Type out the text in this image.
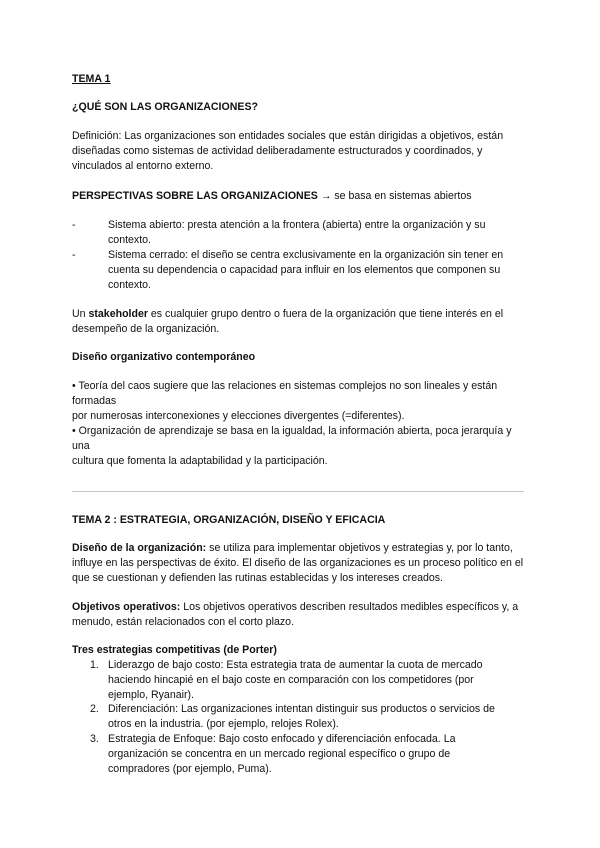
TEMA 1

¿QUÉ SON LAS ORGANIZACIONES?

Definición: Las organizaciones son entidades sociales que están dirigidas a objetivos, están diseñadas como sistemas de actividad deliberadamente estructurados y coordinados, y vinculados al entorno externo.

PERSPECTIVAS SOBRE LAS ORGANIZACIONES → se basa en sistemas abiertos

-	Sistema abierto: presta atención a la frontera (abierta) entre la organización y su contexto.
-	Sistema cerrado: el diseño se centra exclusivamente en la organización sin tener en cuenta su dependencia o capacidad para influir en los elementos que componen su contexto.

Un stakeholder es cualquier grupo dentro o fuera de la organización que tiene interés en el desempeño de la organización.

Diseño organizativo contemporáneo

• Teoría del caos sugiere que las relaciones en sistemas complejos no son lineales y están formadas

por numerosas interconexiones y elecciones divergentes (=diferentes).

• Organización de aprendizaje se basa en la igualdad, la información abierta, poca jerarquía y una

cultura que fomenta la adaptabilidad y la participación.

TEMA 2 : ESTRATEGIA, ORGANIZACIÓN, DISEÑO Y EFICACIA

Diseño de la organización: se utiliza para implementar objetivos y estrategias y, por lo tanto, influye en las perspectivas de éxito. El diseño de las organizaciones es un proceso político en el que se cuestionan y defienden las rutinas establecidas y los intereses creados.

Objetivos operativos: Los objetivos operativos describen resultados medibles específicos y, a menudo, están relacionados con el corto plazo.

Tres estrategias competitivas (de Porter)

1. Liderazgo de bajo costo: Esta estrategia trata de aumentar la cuota de mercado haciendo hincapié en el bajo coste en comparación con los competidores (por ejemplo, Ryanair).
2. Diferenciación: Las organizaciones intentan distinguir sus productos o servicios de otros en la industria. (por ejemplo, relojes Rolex).
3. Estrategia de Enfoque: Bajo costo enfocado y diferenciación enfocada. La organización se concentra en un mercado regional específico o grupo de compradores (por ejemplo, Puma).
